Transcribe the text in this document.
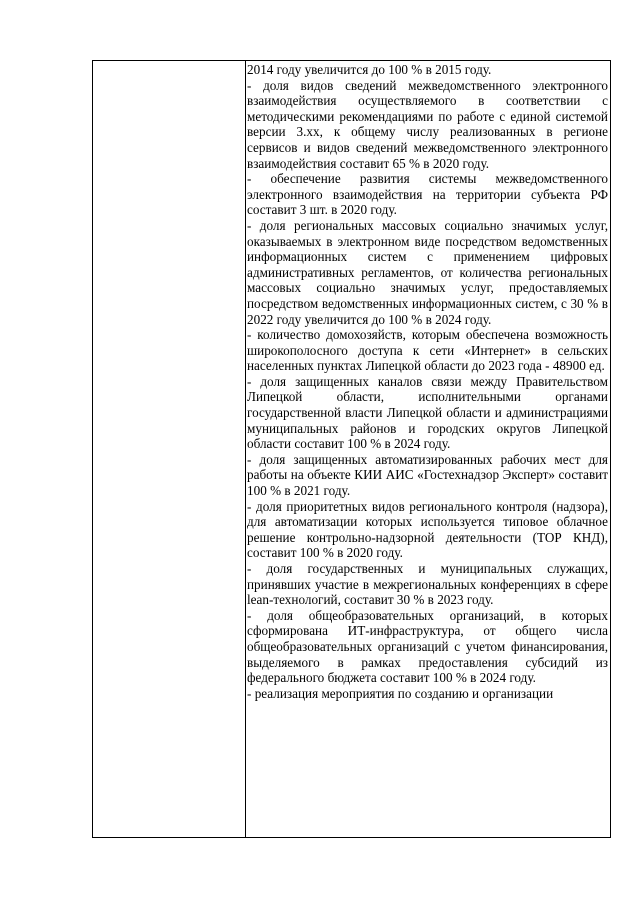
2014 году увеличится до 100 % в 2015 году.

- доля видов сведений межведомственного электронного взаимодействия осуществляемого в соответствии с методическими рекомендациями по работе с единой системой версии 3.хх, к общему числу реализованных в регионе сервисов и видов сведений межведомственного электронного взаимодействия составит 65 % в 2020 году.

- обеспечение развития системы межведомственного электронного взаимодействия на территории субъекта РФ составит 3 шт. в 2020 году.

- доля региональных массовых социально значимых услуг, оказываемых в электронном виде посредством ведомственных информационных систем с применением цифровых административных регламентов, от количества региональных массовых социально значимых услуг, предоставляемых посредством ведомственных информационных систем, с 30 % в 2022 году увеличится до 100 % в 2024 году.

- количество домохозяйств, которым обеспечена возможность широкополосного доступа к сети «Интернет» в сельских населенных пунктах Липецкой области до 2023 года - 48900 ед.

- доля защищенных каналов связи между Правительством Липецкой области, исполнительными органами государственной власти Липецкой области и администрациями муниципальных районов и городских округов Липецкой области составит 100 % в 2024 году.

- доля защищенных автоматизированных рабочих мест для работы на объекте КИИ АИС «Гостехнадзор Эксперт» составит 100 % в 2021 году.

- доля приоритетных видов регионального контроля (надзора), для автоматизации которых используется типовое облачное решение контрольно-надзорной деятельности (ТОР КНД), составит 100 % в 2020 году.

- доля государственных и муниципальных служащих, принявших участие в межрегиональных конференциях в сфере lean-технологий, составит 30 % в 2023 году.

- доля общеобразовательных организаций, в которых сформирована ИТ-инфраструктура, от общего числа общеобразовательных организаций с учетом финансирования, выделяемого в рамках предоставления субсидий из федерального бюджета составит 100 % в 2024 году.

- реализация мероприятия по созданию и организации
